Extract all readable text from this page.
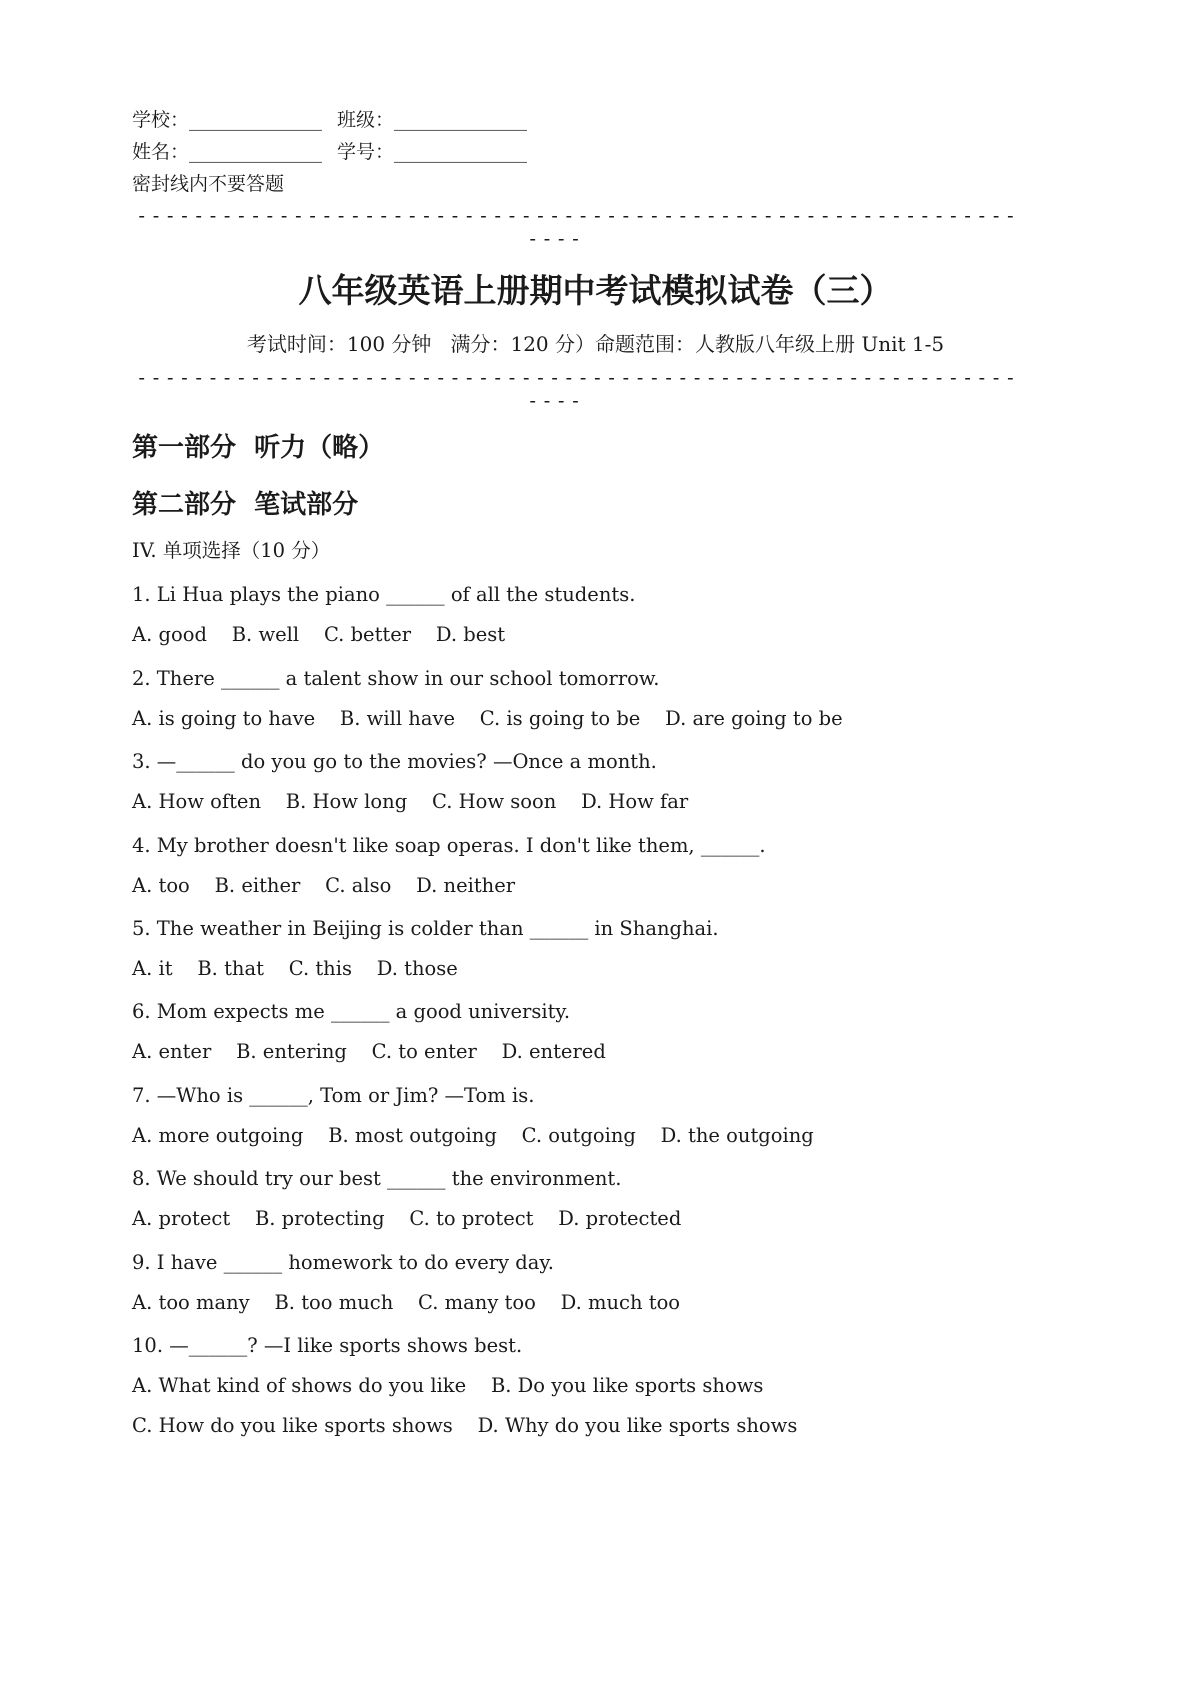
学校：______________ 班级：______________
姓名：______________ 学号：______________
密封线内不要答题
--------------------------------------------------------------
----
八年级英语上册期中考试模拟试卷（三）
考试时间：100 分钟   满分：120 分）命题范围：人教版八年级上册 Unit 1-5
--------------------------------------------------------------
----
第一部分  听力（略）
第二部分  笔试部分
IV. 单项选择（10 分）
1. Li Hua plays the piano ______ of all the students.
A. good    B. well    C. better    D. best
2. There ______ a talent show in our school tomorrow.
A. is going to have    B. will have    C. is going to be    D. are going to be
3. —______ do you go to the movies? —Once a month.
A. How often    B. How long    C. How soon    D. How far
4. My brother doesn't like soap operas. I don't like them, ______.
A. too    B. either    C. also    D. neither
5. The weather in Beijing is colder than ______ in Shanghai.
A. it    B. that    C. this    D. those
6. Mom expects me ______ a good university.
A. enter    B. entering    C. to enter    D. entered
7. —Who is ______, Tom or Jim? —Tom is.
A. more outgoing    B. most outgoing    C. outgoing    D. the outgoing
8. We should try our best ______ the environment.
A. protect    B. protecting    C. to protect    D. protected
9. I have ______ homework to do every day.
A. too many    B. too much    C. many too    D. much too
10. —______? —I like sports shows best.
A. What kind of shows do you like    B. Do you like sports shows
C. How do you like sports shows    D. Why do you like sports shows
